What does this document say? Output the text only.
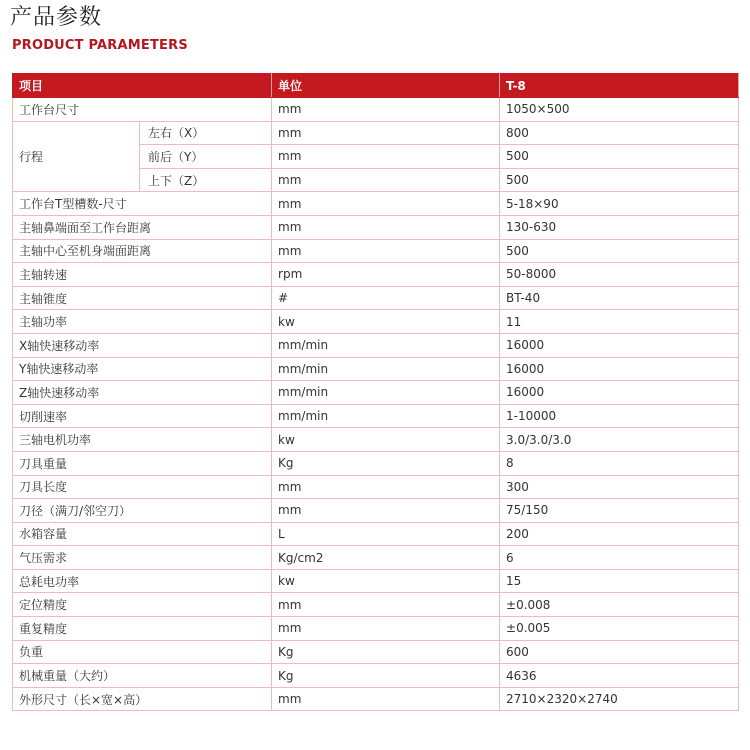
产品参数
PRODUCT PARAMETERS
项目		单位	T-8
工作台尺寸		mm	1050×500
行程	左右（X）	mm	800
	前后（Y）	mm	500
	上下（Z）	mm	500
工作台T型槽数-尺寸		mm	5-18×90
主轴鼻端面至工作台距离		mm	130-630
主轴中心至机身端面距离		mm	500
主轴转速		rpm	50-8000
主轴锥度		#	BT-40
主轴功率		kw	11
X轴快速移动率		mm/min	16000
Y轴快速移动率		mm/min	16000
Z轴快速移动率		mm/min	16000
切削速率		mm/min	1-10000
三轴电机功率		kw	3.0/3.0/3.0
刀具重量		Kg	8
刀具长度		mm	300
刀径（满刀/邻空刀）		mm	75/150
水箱容量		L	200
气压需求		Kg/cm2	6
总耗电功率		kw	15
定位精度		mm	±0.008
重复精度		mm	±0.005
负重		Kg	600
机械重量（大约）		Kg	4636
外形尺寸（长×宽×高）		mm	2710×2320×2740
